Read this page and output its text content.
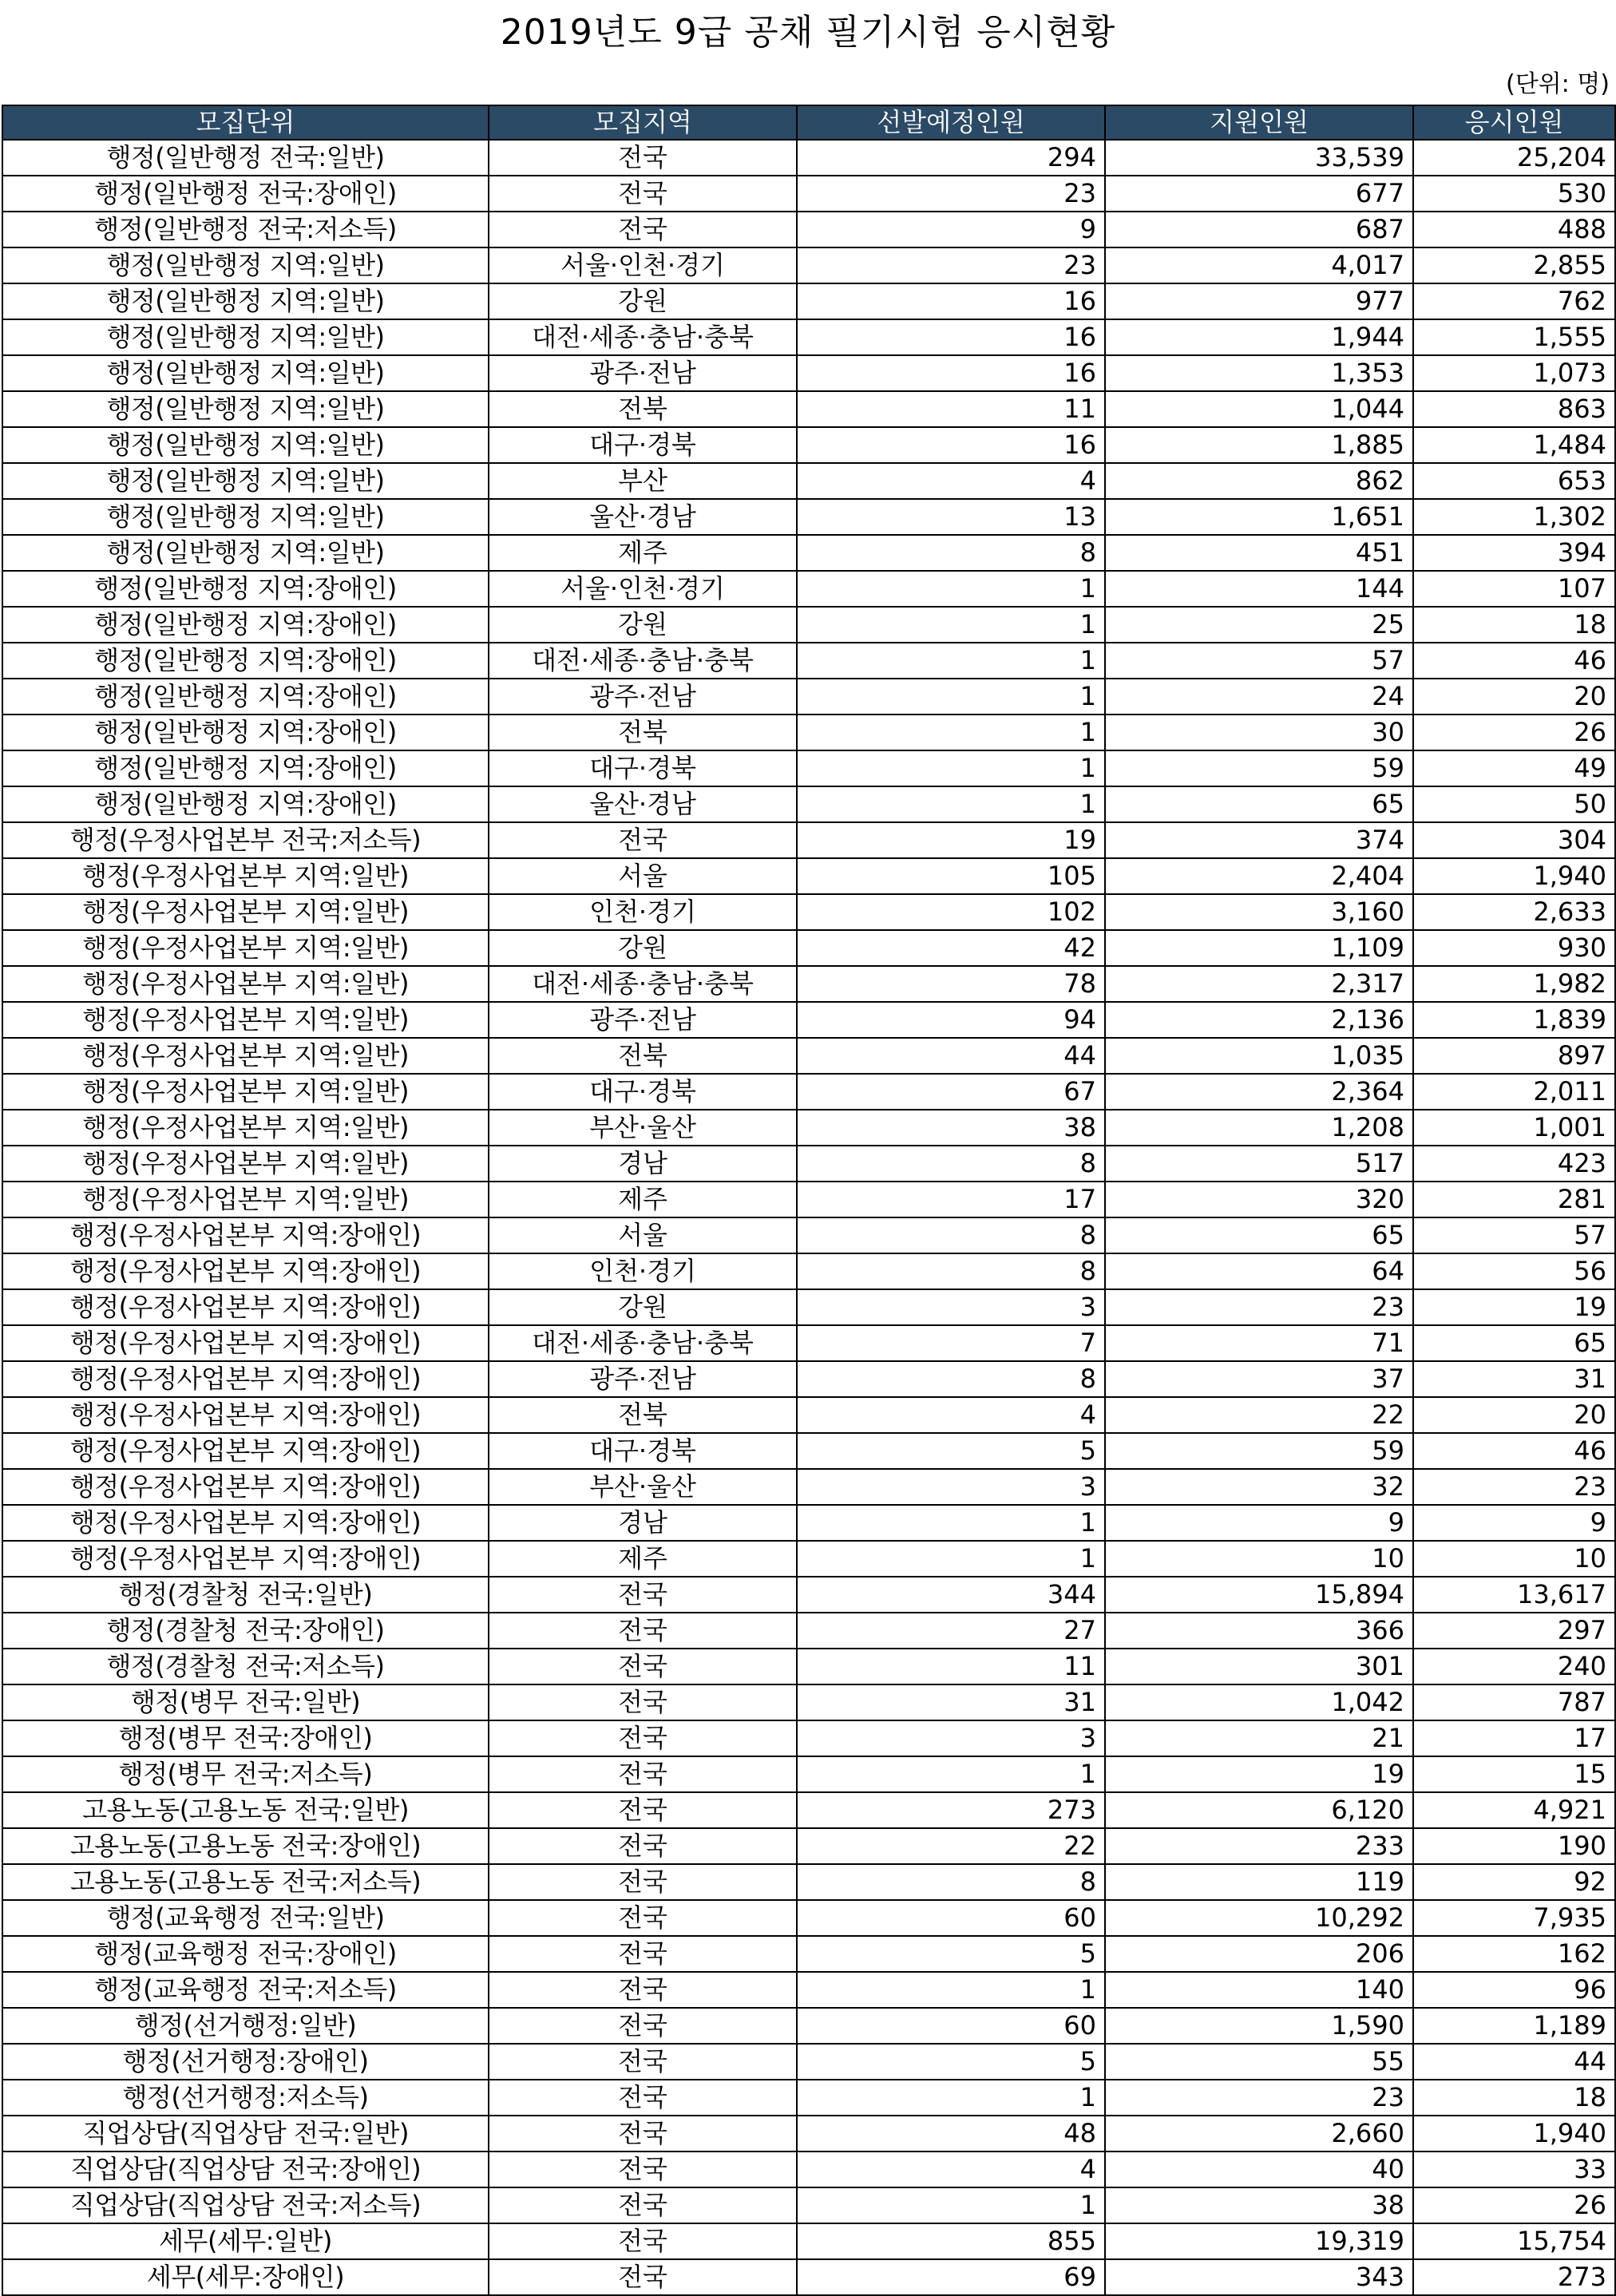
2019년도 9급 공채 필기시험 응시현황
(단위: 명)
모집단위	모집지역	선발예정인원	지원인원	응시인원
행정(일반행정 전국:일반)	전국	294	33,539	25,204
행정(일반행정 전국:장애인)	전국	23	677	530
행정(일반행정 전국:저소득)	전국	9	687	488
행정(일반행정 지역:일반)	서울·인천·경기	23	4,017	2,855
행정(일반행정 지역:일반)	강원	16	977	762
행정(일반행정 지역:일반)	대전·세종·충남·충북	16	1,944	1,555
행정(일반행정 지역:일반)	광주·전남	16	1,353	1,073
행정(일반행정 지역:일반)	전북	11	1,044	863
행정(일반행정 지역:일반)	대구·경북	16	1,885	1,484
행정(일반행정 지역:일반)	부산	4	862	653
행정(일반행정 지역:일반)	울산·경남	13	1,651	1,302
행정(일반행정 지역:일반)	제주	8	451	394
행정(일반행정 지역:장애인)	서울·인천·경기	1	144	107
행정(일반행정 지역:장애인)	강원	1	25	18
행정(일반행정 지역:장애인)	대전·세종·충남·충북	1	57	46
행정(일반행정 지역:장애인)	광주·전남	1	24	20
행정(일반행정 지역:장애인)	전북	1	30	26
행정(일반행정 지역:장애인)	대구·경북	1	59	49
행정(일반행정 지역:장애인)	울산·경남	1	65	50
행정(우정사업본부 전국:저소득)	전국	19	374	304
행정(우정사업본부 지역:일반)	서울	105	2,404	1,940
행정(우정사업본부 지역:일반)	인천·경기	102	3,160	2,633
행정(우정사업본부 지역:일반)	강원	42	1,109	930
행정(우정사업본부 지역:일반)	대전·세종·충남·충북	78	2,317	1,982
행정(우정사업본부 지역:일반)	광주·전남	94	2,136	1,839
행정(우정사업본부 지역:일반)	전북	44	1,035	897
행정(우정사업본부 지역:일반)	대구·경북	67	2,364	2,011
행정(우정사업본부 지역:일반)	부산·울산	38	1,208	1,001
행정(우정사업본부 지역:일반)	경남	8	517	423
행정(우정사업본부 지역:일반)	제주	17	320	281
행정(우정사업본부 지역:장애인)	서울	8	65	57
행정(우정사업본부 지역:장애인)	인천·경기	8	64	56
행정(우정사업본부 지역:장애인)	강원	3	23	19
행정(우정사업본부 지역:장애인)	대전·세종·충남·충북	7	71	65
행정(우정사업본부 지역:장애인)	광주·전남	8	37	31
행정(우정사업본부 지역:장애인)	전북	4	22	20
행정(우정사업본부 지역:장애인)	대구·경북	5	59	46
행정(우정사업본부 지역:장애인)	부산·울산	3	32	23
행정(우정사업본부 지역:장애인)	경남	1	9	9
행정(우정사업본부 지역:장애인)	제주	1	10	10
행정(경찰청 전국:일반)	전국	344	15,894	13,617
행정(경찰청 전국:장애인)	전국	27	366	297
행정(경찰청 전국:저소득)	전국	11	301	240
행정(병무 전국:일반)	전국	31	1,042	787
행정(병무 전국:장애인)	전국	3	21	17
행정(병무 전국:저소득)	전국	1	19	15
고용노동(고용노동 전국:일반)	전국	273	6,120	4,921
고용노동(고용노동 전국:장애인)	전국	22	233	190
고용노동(고용노동 전국:저소득)	전국	8	119	92
행정(교육행정 전국:일반)	전국	60	10,292	7,935
행정(교육행정 전국:장애인)	전국	5	206	162
행정(교육행정 전국:저소득)	전국	1	140	96
행정(선거행정:일반)	전국	60	1,590	1,189
행정(선거행정:장애인)	전국	5	55	44
행정(선거행정:저소득)	전국	1	23	18
직업상담(직업상담 전국:일반)	전국	48	2,660	1,940
직업상담(직업상담 전국:장애인)	전국	4	40	33
직업상담(직업상담 전국:저소득)	전국	1	38	26
세무(세무:일반)	전국	855	19,319	15,754
세무(세무:장애인)	전국	69	343	273
